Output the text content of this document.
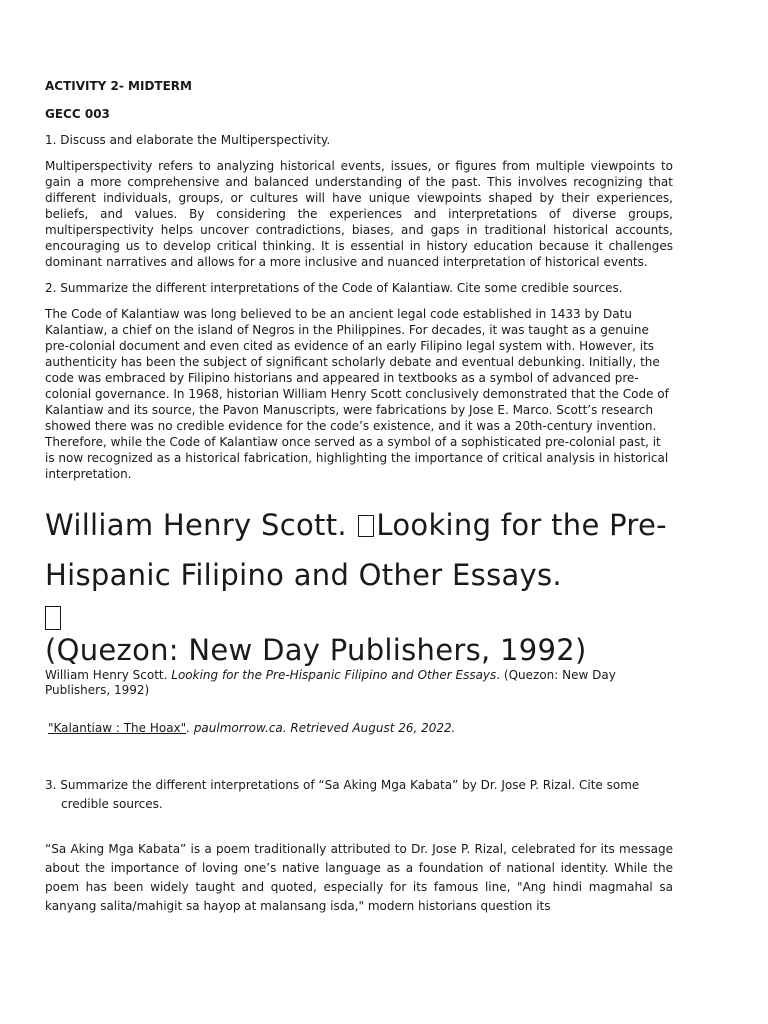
ACTIVITY 2- MIDTERM

GECC 003

1. Discuss and elaborate the Multiperspectivity.

Multiperspectivity refers to analyzing historical events, issues, or figures from multiple viewpoints to gain a more comprehensive and balanced understanding of the past. This involves recognizing that different individuals, groups, or cultures will have unique viewpoints shaped by their experiences, beliefs, and values. By considering the experiences and interpretations of diverse groups, multiperspectivity helps uncover contradictions, biases, and gaps in traditional historical accounts, encouraging us to develop critical thinking. It is essential in history education because it challenges dominant narratives and allows for a more inclusive and nuanced interpretation of historical events.

2. Summarize the different interpretations of the Code of Kalantiaw. Cite some credible sources.

The Code of Kalantiaw was long believed to be an ancient legal code established in 1433 by Datu Kalantiaw, a chief on the island of Negros in the Philippines. For decades, it was taught as a genuine pre-colonial document and even cited as evidence of an early Filipino legal system with. However, its authenticity has been the subject of significant scholarly debate and eventual debunking. Initially, the code was embraced by Filipino historians and appeared in textbooks as a symbol of advanced pre-colonial governance. In 1968, historian William Henry Scott conclusively demonstrated that the Code of Kalantiaw and its source, the Pavon Manuscripts, were fabrications by Jose E. Marco. Scott’s research showed there was no credible evidence for the code’s existence, and it was a 20th-century invention. Therefore, while the Code of Kalantiaw once served as a symbol of a sophisticated pre-colonial past, it is now recognized as a historical fabrication, highlighting the importance of critical analysis in historical interpretation.

William Henry Scott. Looking for the Pre-Hispanic Filipino and Other Essays.

(Quezon: New Day Publishers, 1992)

William Henry Scott. Looking for the Pre-Hispanic Filipino and Other Essays. (Quezon: New Day Publishers, 1992)

"Kalantiaw : The Hoax". paulmorrow.ca. Retrieved August 26, 2022.

3. Summarize the different interpretations of “Sa Aking Mga Kabata” by Dr. Jose P. Rizal. Cite some credible sources.

“Sa Aking Mga Kabata” is a poem traditionally attributed to Dr. Jose P. Rizal, celebrated for its message about the importance of loving one’s native language as a foundation of national identity. While the poem has been widely taught and quoted, especially for its famous line, "Ang hindi magmahal sa kanyang salita/mahigit sa hayop at malansang isda," modern historians question its
